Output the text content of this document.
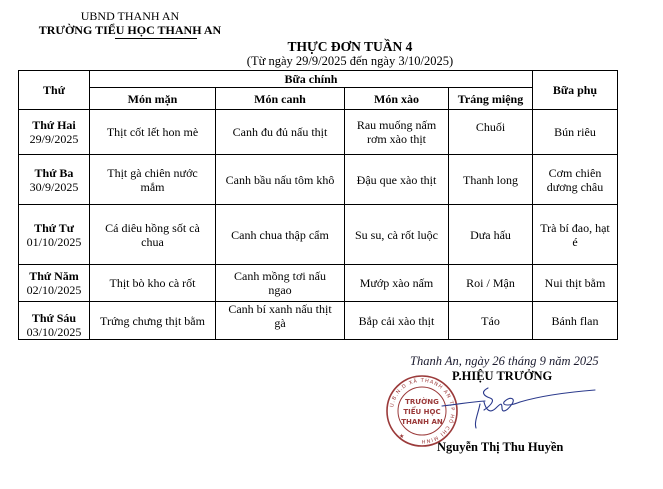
UBND THANH AN
TRƯỜNG TIỂU HỌC THANH AN
THỰC ĐƠN TUẦN 4
(Từ ngày 29/9/2025 đến ngày 3/10/2025)
Thứ	Bữa chính				Bữa phụ
	Món mặn	Món canh	Món xào	Tráng miệng	

Thứ Hai
29/9/2025	Thịt cốt lết hon mè	Canh đu đủ nấu thịt	Rau muống nấm rơm xào thịt	Chuối	Bún riêu

Thứ Ba
30/9/2025	Thịt gà chiên nước mắm	Canh bầu nấu tôm khô	Đậu que xào thịt	Thanh long	Cơm chiên dương châu

Thứ Tư
01/10/2025	Cá diêu hồng sốt cà chua	Canh chua thập cẩm	Su su, cà rốt luộc	Dưa hấu	Trà bí đao, hạt é

Thứ Năm
02/10/2025	Thịt bò kho cà rốt	Canh mồng tơi nấu ngao	Mướp xào nấm	Roi / Mận	Nui thịt bằm

Thứ Sáu
03/10/2025	Trứng chưng thịt bằm	Canh bí xanh nấu thịt gà	Bắp cải xào thịt	Táo	Bánh flan
Thanh An, ngày 26 tháng 9 năm 2025
P.HIỆU TRƯỞNG
Nguyễn Thị Thu Huyền
U.B.N.D XÃ THANH AN T.P HỒ CHÍ MINH
TRƯỜNG
TIỂU HỌC
THANH AN
★
